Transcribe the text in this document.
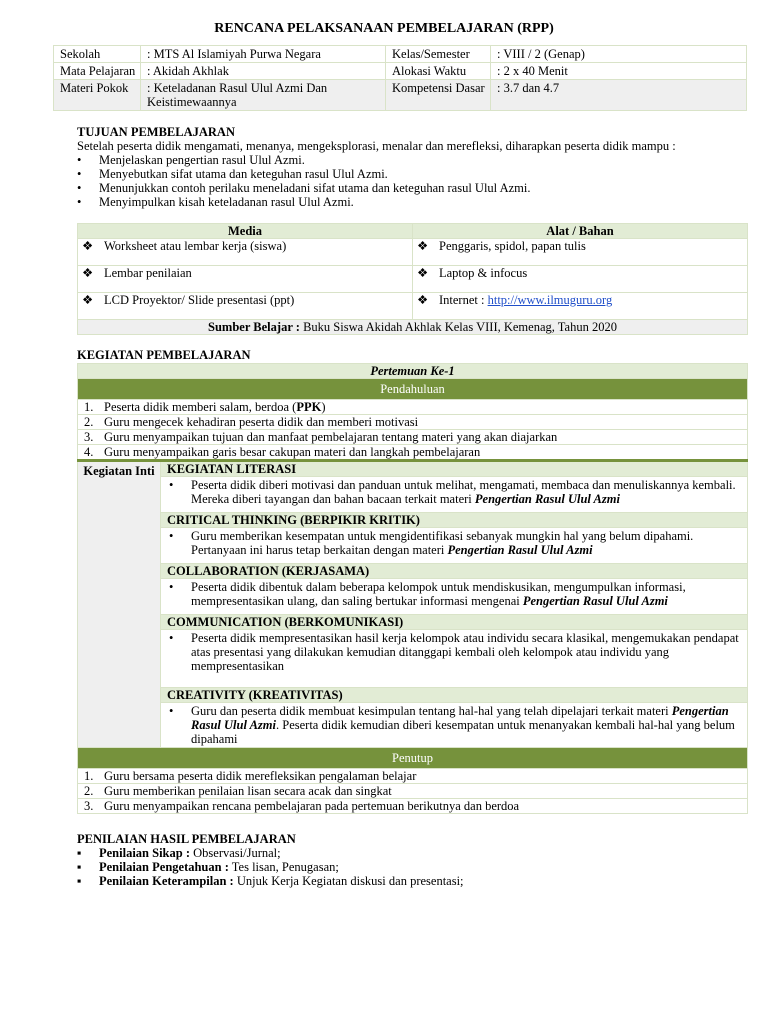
RENCANA PELAKSANAAN PEMBELAJARAN (RPP)
Sekolah	: MTS Al Islamiyah Purwa Negara	Kelas/Semester	: VIII / 2 (Genap)
Mata Pelajaran	: Akidah Akhlak	Alokasi Waktu	: 2 x 40 Menit
Materi Pokok	: Keteladanan Rasul Ulul Azmi Dan Keistimewaannya	Kompetensi Dasar	: 3.7 dan 4.7
TUJUAN PEMBELAJARAN
Setelah peserta didik mengamati, menanya, mengeksplorasi, menalar dan merefleksi, diharapkan peserta didik mampu :
• Menjelaskan pengertian rasul Ulul Azmi.
• Menyebutkan sifat utama dan keteguhan rasul Ulul Azmi.
• Menunjukkan contoh perilaku meneladani sifat utama dan keteguhan rasul Ulul Azmi.
• Menyimpulkan kisah keteladanan rasul Ulul Azmi.
Media	Alat / Bahan
❖ Worksheet atau lembar kerja (siswa)	❖ Penggaris, spidol, papan tulis
❖ Lembar penilaian	❖ Laptop & infocus
❖ LCD Proyektor/ Slide presentasi (ppt)	❖ Internet : http://www.ilmuguru.org
Sumber Belajar : Buku Siswa Akidah Akhlak Kelas VIII, Kemenag, Tahun 2020	
KEGIATAN PEMBELAJARAN
Pertemuan Ke-1
Pendahuluan
1. Peserta didik memberi salam, berdoa (PPK)
2. Guru mengecek kehadiran peserta didik dan memberi motivasi
3. Guru menyampaikan tujuan dan manfaat pembelajaran tentang materi yang akan diajarkan
4. Guru menyampaikan garis besar cakupan materi dan langkah pembelajaran
Kegiatan Inti	KEGIATAN LITERASI

• Peserta didik diberi motivasi dan panduan untuk melihat, mengamati, membaca dan menuliskannya kembali. Mereka diberi tayangan dan bahan bacaan terkait materi Pengertian Rasul Ulul Azmi
CRITICAL THINKING (BERPIKIR KRITIK)

• Guru memberikan kesempatan untuk mengidentifikasi sebanyak mungkin hal yang belum dipahami. Pertanyaan ini harus tetap berkaitan dengan materi Pengertian Rasul Ulul Azmi
COLLABORATION (KERJASAMA)

• Peserta didik dibentuk dalam beberapa kelompok untuk mendiskusikan, mengumpulkan informasi, mempresentasikan ulang, dan saling bertukar informasi mengenai Pengertian Rasul Ulul Azmi
COMMUNICATION (BERKOMUNIKASI)

• Peserta didik mempresentasikan hasil kerja kelompok atau individu secara klasikal, mengemukakan pendapat atas presentasi yang dilakukan kemudian ditanggapi kembali oleh kelompok atau individu yang mempresentasikan
CREATIVITY (KREATIVITAS)

• Guru dan peserta didik membuat kesimpulan tentang hal-hal yang telah dipelajari terkait materi Pengertian Rasul Ulul Azmi. Peserta didik kemudian diberi kesempatan untuk menanyakan kembali hal-hal yang belum dipahami
Penutup
1. Guru bersama peserta didik merefleksikan pengalaman belajar
2. Guru memberikan penilaian lisan secara acak dan singkat
3. Guru menyampaikan rencana pembelajaran pada pertemuan berikutnya dan berdoa
PENILAIAN HASIL PEMBELAJARAN
▪ Penilaian Sikap : Observasi/Jurnal;
▪ Penilaian Pengetahuan : Tes lisan, Penugasan;
▪ Penilaian Keterampilan : Unjuk Kerja Kegiatan diskusi dan presentasi;
